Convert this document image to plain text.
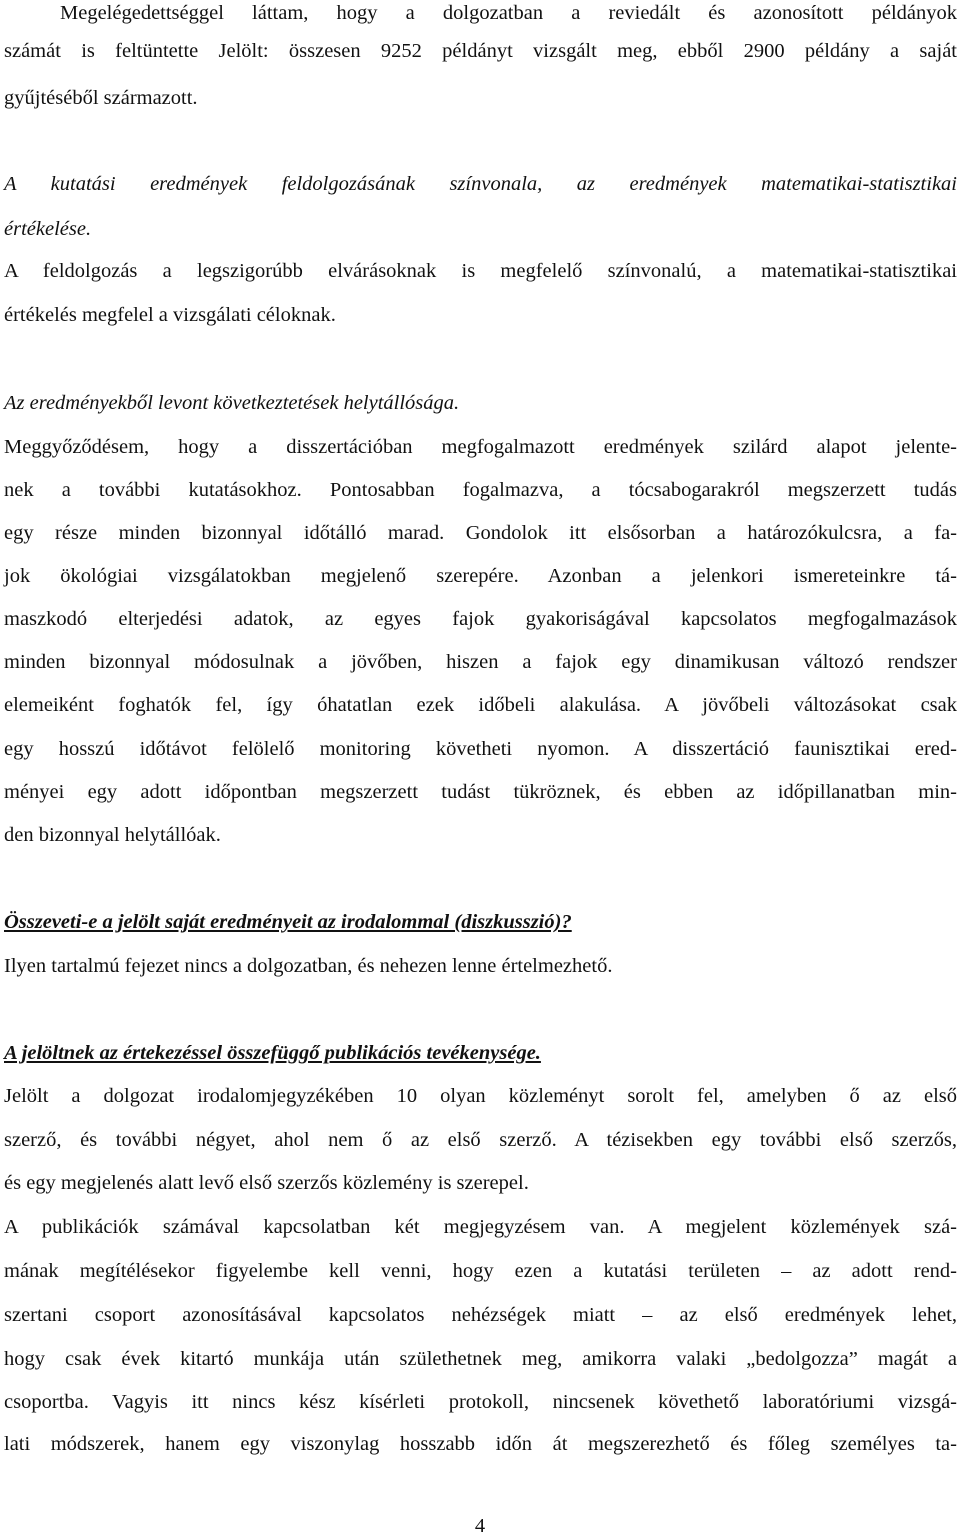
Megelégedettséggel láttam, hogy a dolgozatban a reviedált és azonosított példányok
számát is feltüntette Jelölt: összesen 9252 példányt vizsgált meg, ebből 2900 példány a saját
gyűjtéséből származott.
A kutatási eredmények feldolgozásának színvonala, az eredmények matematikai-statisztikai
értékelése.
A feldolgozás a legszigorúbb elvárásoknak is megfelelő színvonalú, a matematikai-statisztikai
értékelés megfelel a vizsgálati céloknak.
Az eredményekből levont következtetések helytállósága.
Meggyőződésem, hogy a disszertációban megfogalmazott eredmények szilárd alapot jelente-
nek a további kutatásokhoz. Pontosabban fogalmazva, a tócsabogarakról megszerzett tudás
egy része minden bizonnyal időtálló marad. Gondolok itt elsősorban a határozókulcsra, a fa-
jok ökológiai vizsgálatokban megjelenő szerepére. Azonban a jelenkori ismereteinkre tá-
maszkodó elterjedési adatok, az egyes fajok gyakoriságával kapcsolatos megfogalmazások
minden bizonnyal módosulnak a jövőben, hiszen a fajok egy dinamikusan változó rendszer
elemeiként foghatók fel, így óhatatlan ezek időbeli alakulása. A jövőbeli változásokat csak
egy hosszú időtávot felölelő monitoring követheti nyomon. A disszertáció faunisztikai ered-
ményei egy adott időpontban megszerzett tudást tükröznek, és ebben az időpillanatban min-
den bizonnyal helytállóak.
Összeveti-e a jelölt saját eredményeit az irodalommal (diszkusszió)?
Ilyen tartalmú fejezet nincs a dolgozatban, és nehezen lenne értelmezhető.
A jelöltnek az értekezéssel összefüggő publikációs tevékenysége.
Jelölt a dolgozat irodalomjegyzékében 10 olyan közleményt sorolt fel, amelyben ő az első
szerző, és további négyet, ahol nem ő az első szerző. A tézisekben egy további első szerzős,
és egy megjelenés alatt levő első szerzős közlemény is szerepel.
A publikációk számával kapcsolatban két megjegyzésem van. A megjelent közlemények szá-
mának megítélésekor figyelembe kell venni, hogy ezen a kutatási területen – az adott rend-
szertani csoport azonosításával kapcsolatos nehézségek miatt – az első eredmények lehet,
hogy csak évek kitartó munkája után születhetnek meg, amikorra valaki „bedolgozza” magát a
csoportba. Vagyis itt nincs kész kísérleti protokoll, nincsenek követhető laboratóriumi vizsgá-
lati módszerek, hanem egy viszonylag hosszabb időn át megszerezhető és főleg személyes ta-
4
